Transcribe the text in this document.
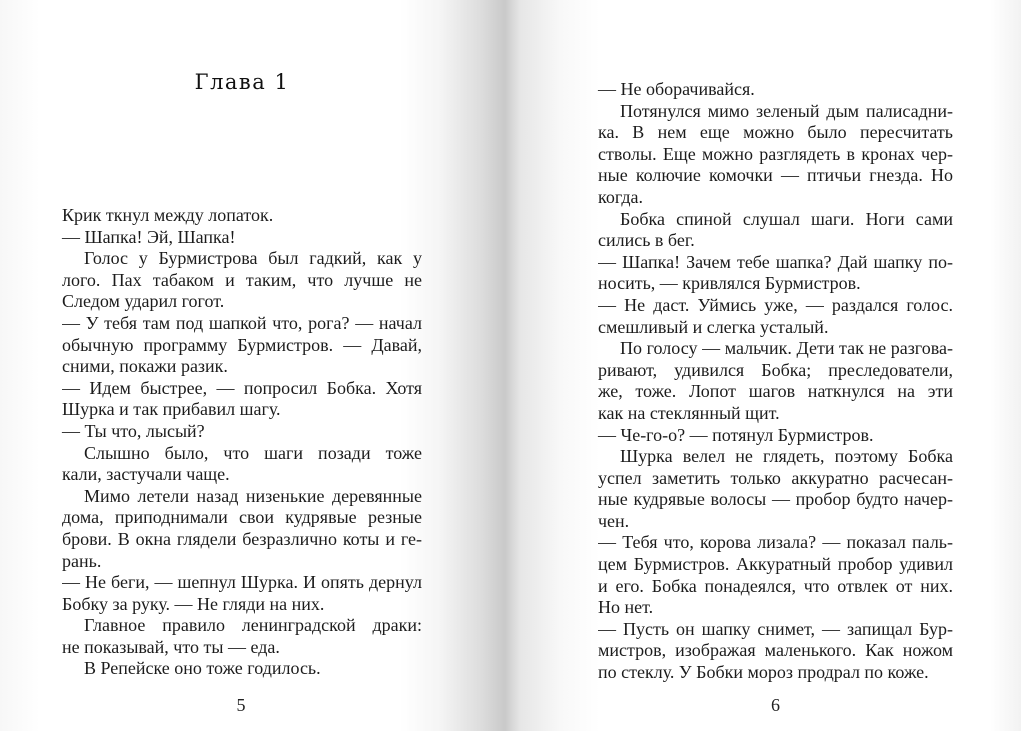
Глава 1
Крик ткнул между лопаток.
— Шапка! Эй, Шапка!
Голос у Бурмистрова был гадкий, как у
лого. Пах табаком и таким, что лучше не
Следом ударил гогот.
— У тебя там под шапкой что, рога? — начал
обычную программу Бурмистров. — Давай,
сними, покажи разик.
— Идем быстрее, — попросил Бобка. Хотя
Шурка и так прибавил шагу.
— Ты что, лысый?
Слышно было, что шаги позади тоже
кали, застучали чаще.
Мимо летели назад низенькие деревянные
дома, приподнимали свои кудрявые резные
брови. В окна глядели безразлично коты и ге-
рань.
— Не беги, — шепнул Шурка. И опять дернул
Бобку за руку. — Не гляди на них.
Главное правило ленинградской драки:
не показывай, что ты — еда.
В Репейске оно тоже годилось.
5
— Не оборачивайся.
Потянулся мимо зеленый дым палисадни-
ка. В нем еще можно было пересчитать
стволы. Еще можно разглядеть в кронах чер-
ные колючие комочки — птичьи гнезда. Но
когда.
Бобка спиной слушал шаги. Ноги сами
сились в бег.
— Шапка! Зачем тебе шапка? Дай шапку по-
носить, — кривлялся Бурмистров.
— Не даст. Уймись уже, — раздался голос.
смешливый и слегка усталый.
По голосу — мальчик. Дети так не разгова-
ривают, удивился Бобка; преследователи,
же, тоже. Лопот шагов наткнулся на эти
как на стеклянный щит.
— Че-го-о? — потянул Бурмистров.
Шурка велел не глядеть, поэтому Бобка
успел заметить только аккуратно расчесан-
ные кудрявые волосы — пробор будто начер-
чен.
— Тебя что, корова лизала? — показал паль-
цем Бурмистров. Аккуратный пробор удивил
и его. Бобка понадеялся, что отвлек от них.
Но нет.
— Пусть он шапку снимет, — запищал Бур-
мистров, изображая маленького. Как ножом
по стеклу. У Бобки мороз продрал по коже.
6
